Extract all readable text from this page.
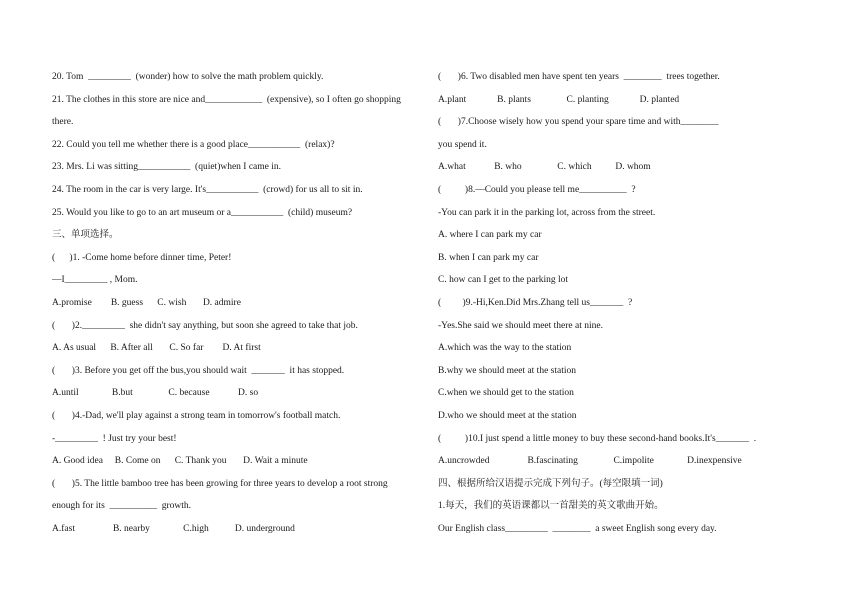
20. Tom  _________  (wonder) how to solve the math problem quickly.
21. The clothes in this store are nice and____________  (expensive), so I often go shopping
there.
22. Could you tell me whether there is a good place___________  (relax)?
23. Mrs. Li was sitting___________  (quiet)when I came in.
24. The room in the car is very large. It's___________  (crowd) for us all to sit in.
25. Would you like to go to an art museum or a___________  (child) museum?
三、单项选择。
(      )1. -Come home before dinner time, Peter!
—I_________ , Mom.
A.promise        B. guess      C. wish       D. admire
(       )2._________  she didn't say anything, but soon she agreed to take that job.
A. As usual      B. After all       C. So far        D. At first
(       )3. Before you get off the bus,you should wait  _______  it has stopped.
A.until              B.but               C. because            D. so
(       )4.-Dad, we'll play against a strong team in tomorrow's football match.
-_________  ! Just try your best!
A. Good idea     B. Come on      C. Thank you       D. Wait a minute
(       )5. The little bamboo tree has been growing for three years to develop a root strong
enough for its  __________  growth.
A.fast                B. nearby              C.high           D. underground
(       )6. Two disabled men have spent ten years  ________  trees together.
A.plant             B. plants               C. planting             D. planted
(       )7.Choose wisely how you spend your spare time and with________
you spend it.
A.what            B. who               C. which          D. whom
(          )8.—Could you please tell me__________  ?
-You can park it in the parking lot, across from the street.
A. where I can park my car
B. when I can park my car
C. how can I get to the parking lot
(         )9.-Hi,Ken.Did Mrs.Zhang tell us_______  ?
-Yes.She said we should meet there at nine.
A.which was the way to the station
B.why we should meet at the station
C.when we should get to the station
D.who we should meet at the station
(          )10.I just spend a little money to buy these second-hand books.It's_______  .
A.uncrowded                B.fascinating               C.impolite              D.inexpensive
四、根据所给汉语提示完成下列句子。(每空限填一词)
1.每天，我们的英语课都以一首甜美的英文歌曲开始。
Our English class_________  ________  a sweet English song every day.
